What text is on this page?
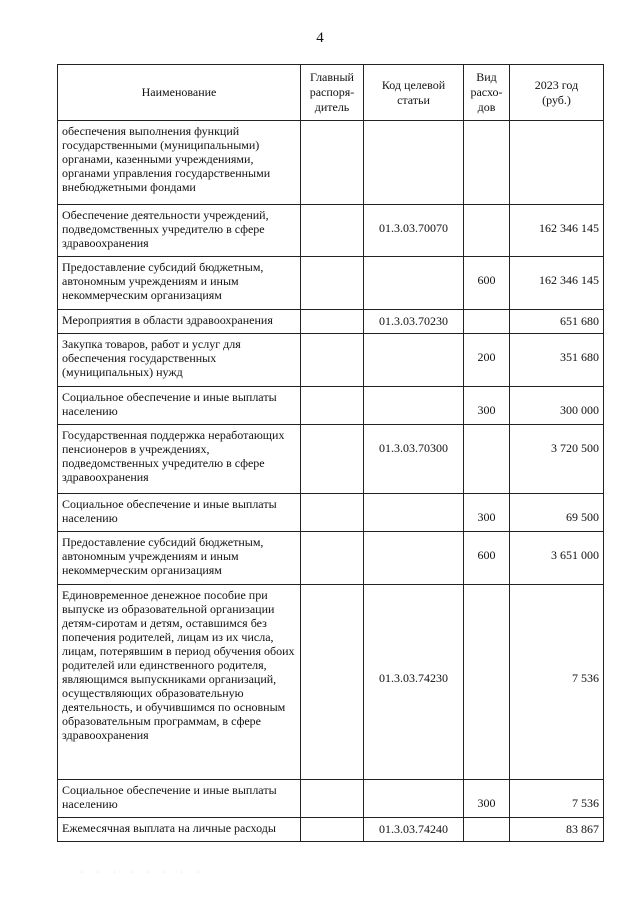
4
Наименование	Главный распоря-дитель	Код целевой статьи	Вид расхо-дов	2023 год (руб.)
обеспечения выполнения функций государственными (муниципальными) органами, казенными учреждениями, органами управления государственными внебюджетными фондами				
Обеспечение деятельности учреждений, подведомственных учредителю в сфере здравоохранения		01.3.03.70070		162 346 145
Предоставление субсидий бюджетным, автономным учреждениям и иным некоммерческим организациям			600	162 346 145
Мероприятия в области здравоохранения		01.3.03.70230		651 680
Закупка товаров, работ и услуг для обеспечения государственных (муниципальных) нужд			200	351 680
Социальное обеспечение и иные выплаты населению			300	300 000
Государственная поддержка неработающих пенсионеров в учреждениях, подведомственных учредителю в сфере здравоохранения		01.3.03.70300		3 720 500
Социальное обеспечение и иные выплаты населению			300	69 500
Предоставление субсидий бюджетным, автономным учреждениям и иным некоммерческим организациям			600	3 651 000
Единовременное денежное пособие при выпуске из образовательной организации детям-сиротам и детям, оставшимся без попечения родителей, лицам из их числа, лицам, потерявшим в период обучения обоих родителей или единственного родителя, являющимся выпускниками организаций, осуществляющих образовательную деятельность, и обучившимся по основным образовательным программам, в сфере здравоохранения		01.3.03.74230		7 536
Социальное обеспечение и иные выплаты населению			300	7 536
Ежемесячная выплата на личные расходы		01.3.03.74240		83 867
· · · · · · · ·
